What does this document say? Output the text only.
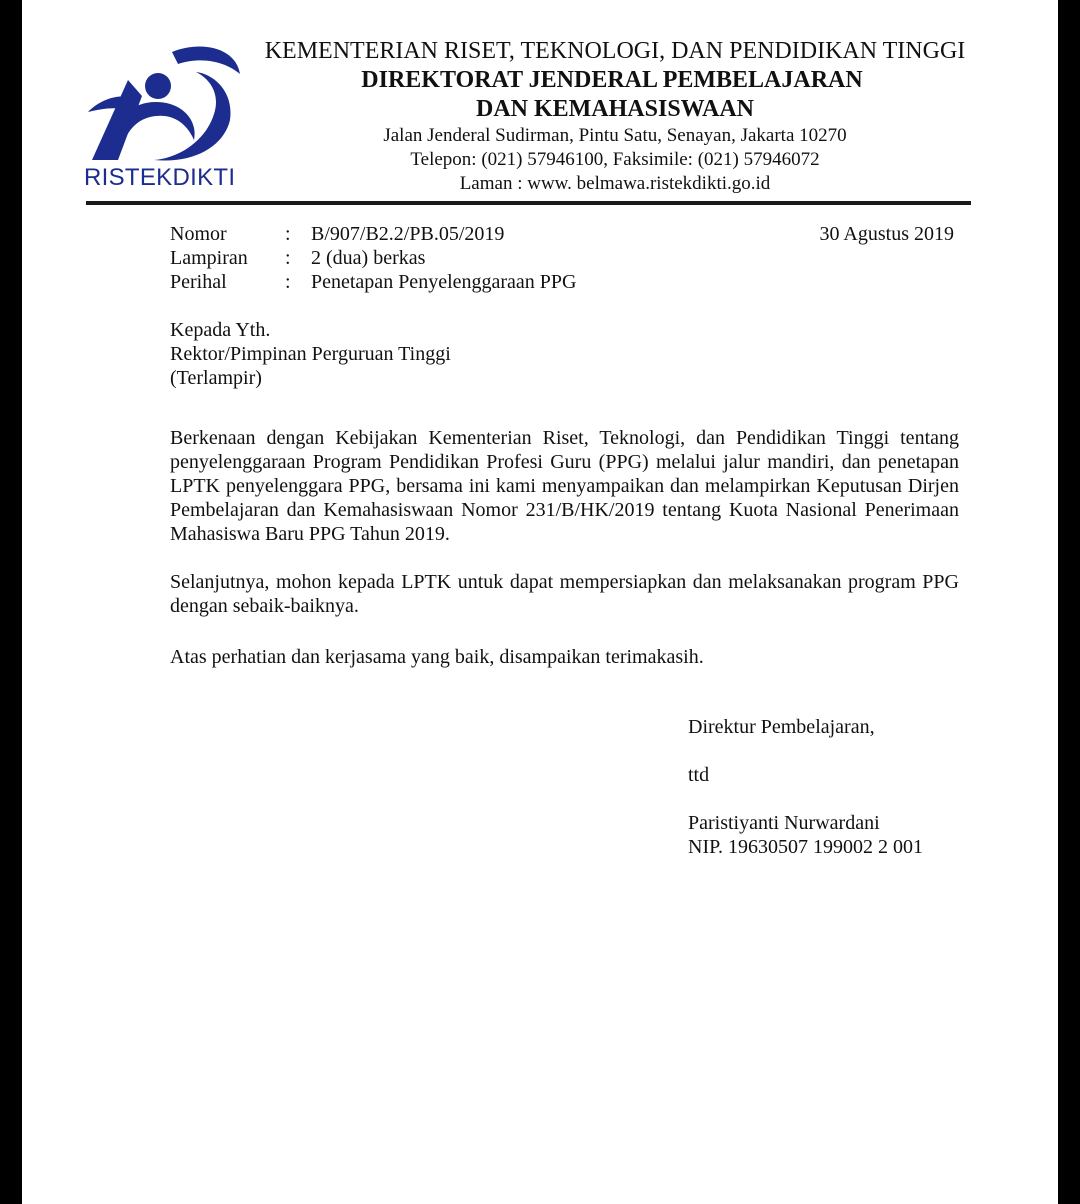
RISTEKDIKTI
KEMENTERIAN RISET, TEKNOLOGI, DAN PENDIDIKAN TINGGI
DIREKTORAT JENDERAL PEMBELAJARAN
DAN KEMAHASISWAAN
Jalan Jenderal Sudirman, Pintu Satu, Senayan, Jakarta 10270
Telepon: (021) 57946100, Faksimile: (021) 57946072
Laman : www. belmawa.ristekdikti.go.id
Nomor	:	B/907/B2.2/PB.05/2019
Lampiran	:	2 (dua) berkas
Perihal	:	Penetapan Penyelenggaraan PPG
30 Agustus 2019
Kepada Yth.
Rektor/Pimpinan Perguruan Tinggi
(Terlampir)
Berkenaan dengan Kebijakan Kementerian Riset, Teknologi, dan Pendidikan Tinggi tentang penyelenggaraan Program Pendidikan Profesi Guru (PPG) melalui jalur mandiri, dan penetapan LPTK penyelenggara PPG, bersama ini kami menyampaikan dan melampirkan Keputusan Dirjen Pembelajaran dan Kemahasiswaan Nomor 231/B/HK/2019 tentang Kuota Nasional Penerimaan Mahasiswa Baru PPG Tahun 2019.
Selanjutnya, mohon kepada LPTK untuk dapat mempersiapkan dan melaksanakan program PPG dengan sebaik-baiknya.
Atas perhatian dan kerjasama yang baik, disampaikan terimakasih.
Direktur Pembelajaran,
ttd
Paristiyanti Nurwardani
NIP. 19630507 199002 2 001
